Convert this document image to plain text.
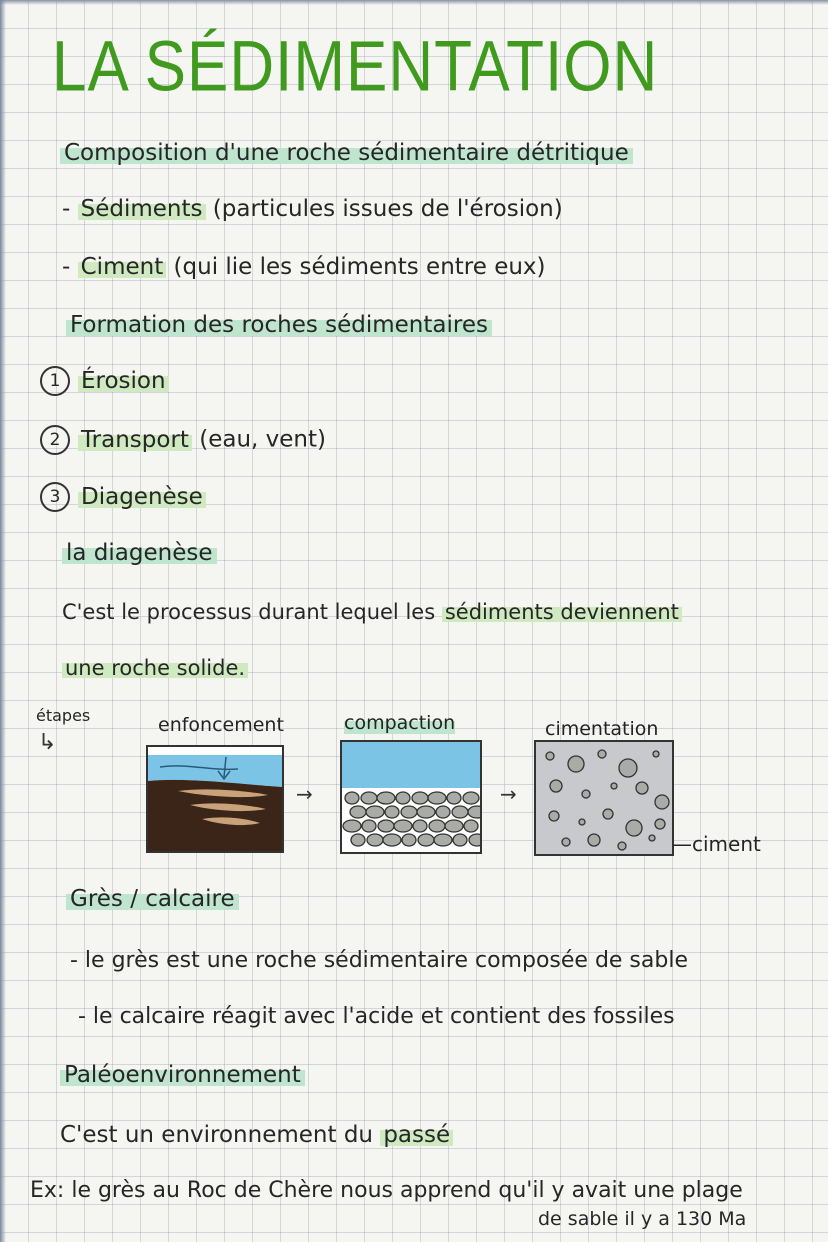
LA SÉDIMENTATION
Composition d'une roche sédimentaire détritique
- Sédiments (particules issues de l'érosion)
- Ciment (qui lie les sédiments entre eux)
Formation des roches sédimentaires
1 Érosion
2 Transport (eau, vent)
3 Diagenèse
la diagenèse
C'est le processus durant lequel les sédiments deviennent
une roche solide.
étapes
↳
enfoncement	compaction	cimentation
→	→
—ciment
Grès / calcaire
- le grès est une roche sédimentaire composée de sable
- le calcaire réagit avec l'acide et contient des fossiles
Paléoenvironnement
C'est un environnement du passé
Ex: le grès au Roc de Chère nous apprend qu'il y avait une plage
de sable il y a 130 Ma
